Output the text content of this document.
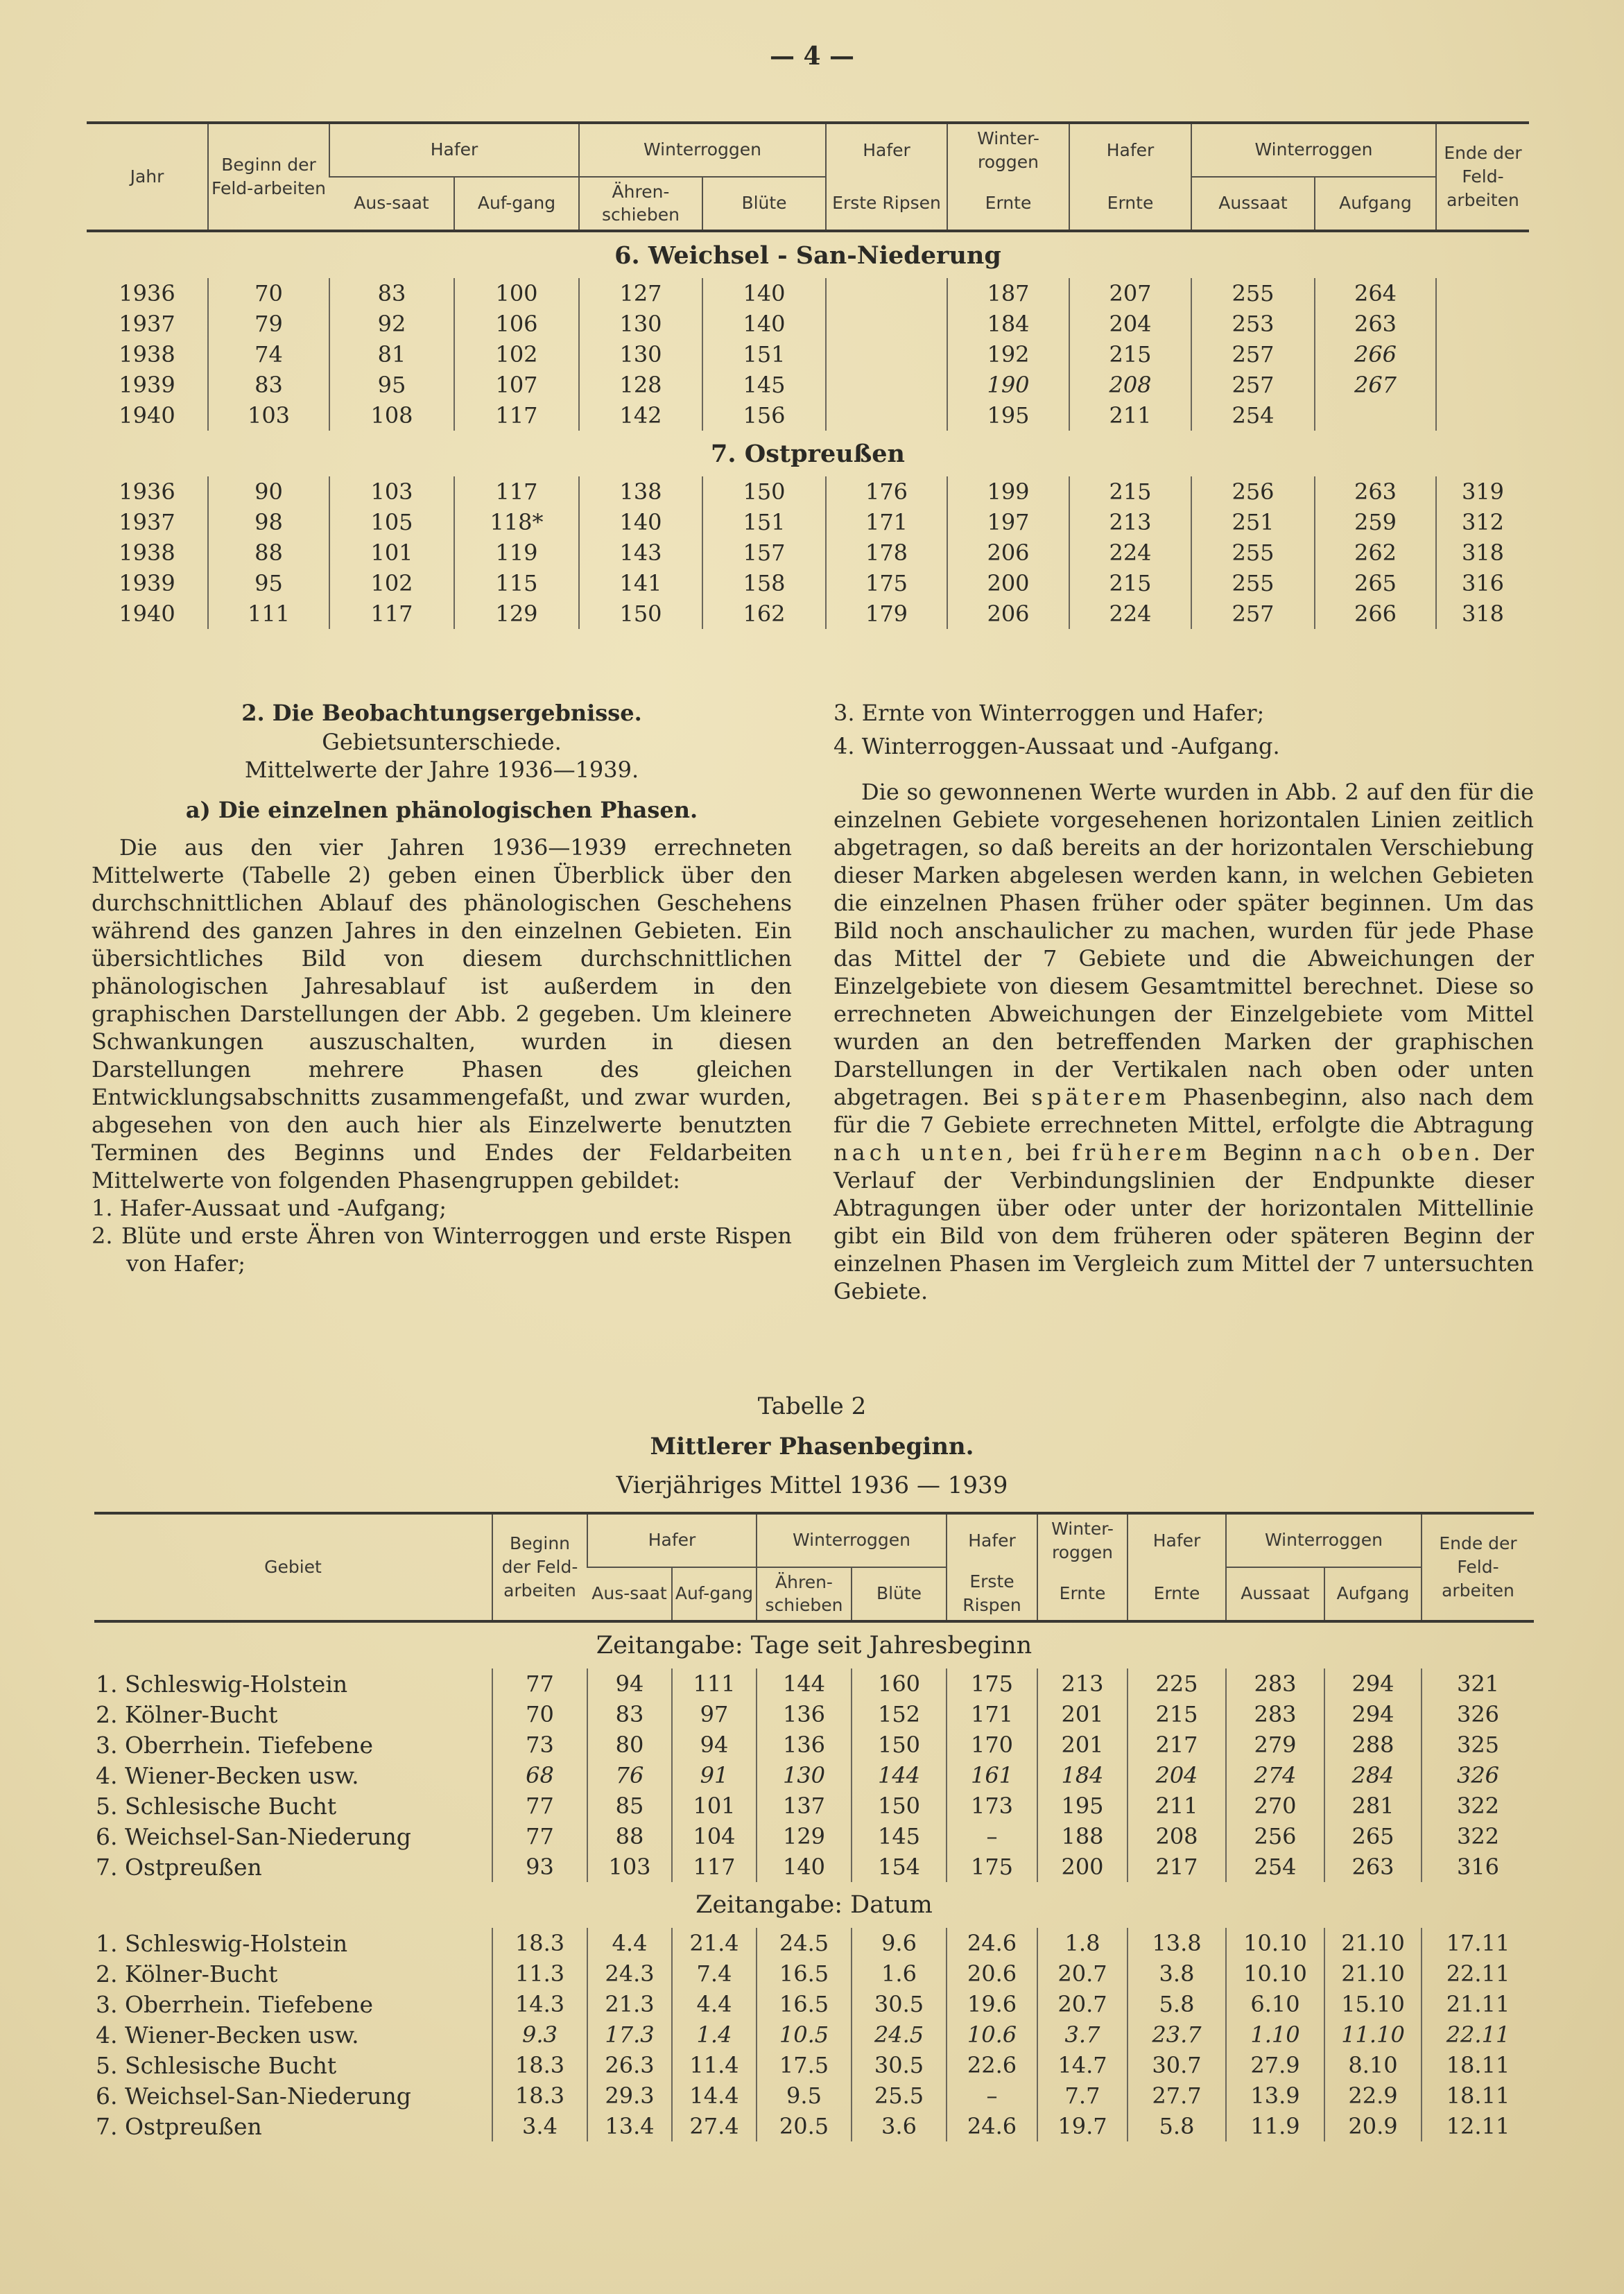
— 4 —
Jahr	Beginn der Feld-arbeiten	Hafer		Winterroggen		Hafer	Winter-roggen	Hafer	Winterroggen		Ende der Feld-arbeiten
		Aus-saat	Auf-gang	Ähren-schieben	Blüte	Erste Ripsen	Ernte	Ernte	Aussaat	Aufgang	
6. Weichsel - San-Niederung											
1936	70	83	100	127	140		187	207	255	264	
1937	79	92	106	130	140		184	204	253	263	
1938	74	81	102	130	151		192	215	257	266	
1939	83	95	107	128	145		190	208	257	267	
1940	103	108	117	142	156		195	211	254		
7. Ostpreußen											
1936	90	103	117	138	150	176	199	215	256	263	319
1937	98	105	118*	140	151	171	197	213	251	259	312
1938	88	101	119	143	157	178	206	224	255	262	318
1939	95	102	115	141	158	175	200	215	255	265	316
1940	111	117	129	150	162	179	206	224	257	266	318

2. Die Beobachtungsergebnisse.

Gebietsunterschiede.

Mittelwerte der Jahre 1936—1939.

a) Die einzelnen phänologischen Phasen.

Die aus den vier Jahren 1936—1939 errechneten Mittelwerte (Tabelle 2) geben einen Überblick über den durchschnittlichen Ablauf des phänologischen Geschehens während des ganzen Jahres in den einzelnen Gebieten. Ein übersichtliches Bild von diesem durchschnittlichen phänologischen Jahresablauf ist außerdem in den graphischen Darstellungen der Abb. 2 gegeben. Um kleinere Schwankungen auszuschalten, wurden in diesen Darstellungen mehrere Phasen des gleichen Entwicklungsabschnitts zusammengefaßt, und zwar wurden, abgesehen von den auch hier als Einzelwerte benutzten Terminen des Beginns und Endes der Feldarbeiten Mittelwerte von folgenden Phasengruppen gebildet:

1. Hafer-Aussaat und -Aufgang;

2. Blüte und erste Ähren von Winterroggen und erste Rispen von Hafer;

3. Ernte von Winterroggen und Hafer;

4. Winterroggen-Aussaat und -Aufgang.

Die so gewonnenen Werte wurden in Abb. 2 auf den für die einzelnen Gebiete vorgesehenen horizontalen Linien zeitlich abgetragen, so daß bereits an der horizontalen Verschiebung dieser Marken abgelesen werden kann, in welchen Gebieten die einzelnen Phasen früher oder später beginnen. Um das Bild noch anschaulicher zu machen, wurden für jede Phase das Mittel der 7 Gebiete und die Abweichungen der Einzelgebiete von diesem Gesamtmittel berechnet. Diese so errechneten Abweichungen der Einzelgebiete vom Mittel wurden an den betreffenden Marken der graphischen Darstellungen in der Vertikalen nach oben oder unten abgetragen. Bei späterem Phasenbeginn, also nach dem für die 7 Gebiete errechneten Mittel, erfolgte die Abtragung nach unten, bei früherem Beginn nach oben. Der Verlauf der Verbindungslinien der Endpunkte dieser Abtragungen über oder unter der horizontalen Mittellinie gibt ein Bild von dem früheren oder späteren Beginn der einzelnen Phasen im Vergleich zum Mittel der 7 untersuchten Gebiete.

Tabelle 2
Mittlerer Phasenbeginn.
Vierjähriges Mittel 1936 — 1939
Gebiet	Beginn der Feld-arbeiten	Hafer		Winterroggen		Hafer	Winter-roggen	Hafer	Winterroggen		Ende der Feld-arbeiten
		Aus-saat	Auf-gang	Ähren-schieben	Blüte	Erste Rispen	Ernte	Ernte	Aussaat	Aufgang	
Zeitangabe: Tage seit Jahresbeginn											
1. Schleswig-Holstein	77	94	111	144	160	175	213	225	283	294	321
2. Kölner-Bucht	70	83	97	136	152	171	201	215	283	294	326
3. Oberrhein. Tiefebene	73	80	94	136	150	170	201	217	279	288	325
4. Wiener-Becken usw.	68	76	91	130	144	161	184	204	274	284	326
5. Schlesische Bucht	77	85	101	137	150	173	195	211	270	281	322
6. Weichsel-San-Niederung	77	88	104	129	145	–	188	208	256	265	322
7. Ostpreußen	93	103	117	140	154	175	200	217	254	263	316
Zeitangabe: Datum											
1. Schleswig-Holstein	18.3	4.4	21.4	24.5	9.6	24.6	1.8	13.8	10.10	21.10	17.11
2. Kölner-Bucht	11.3	24.3	7.4	16.5	1.6	20.6	20.7	3.8	10.10	21.10	22.11
3. Oberrhein. Tiefebene	14.3	21.3	4.4	16.5	30.5	19.6	20.7	5.8	6.10	15.10	21.11
4. Wiener-Becken usw.	9.3	17.3	1.4	10.5	24.5	10.6	3.7	23.7	1.10	11.10	22.11
5. Schlesische Bucht	18.3	26.3	11.4	17.5	30.5	22.6	14.7	30.7	27.9	8.10	18.11
6. Weichsel-San-Niederung	18.3	29.3	14.4	9.5	25.5	–	7.7	27.7	13.9	22.9	18.11
7. Ostpreußen	3.4	13.4	27.4	20.5	3.6	24.6	19.7	5.8	11.9	20.9	12.11
